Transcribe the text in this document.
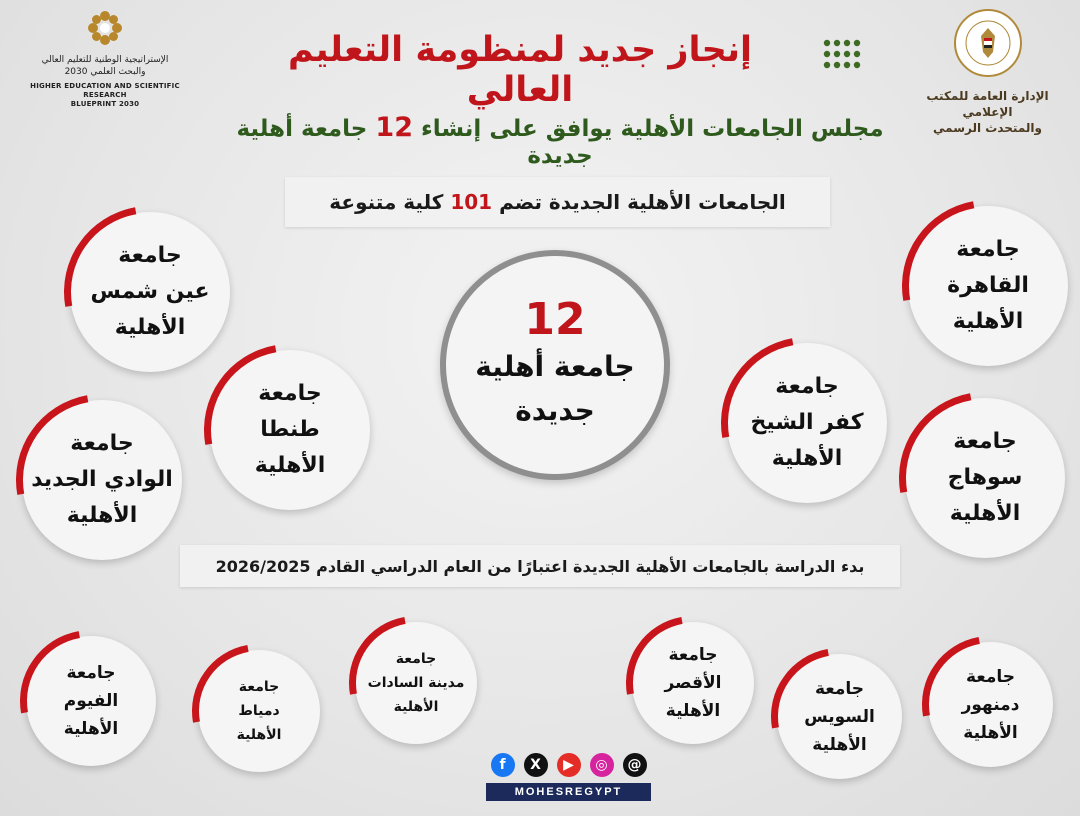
الإستراتيجية الوطنية للتعليم العالي
والبحث العلمي 2030
HIGHER EDUCATION AND SCIENTIFIC RESEARCH
BLUEPRINT 2030
الإدارة العامة للمكتب الإعلامي
والمتحدث الرسمي
إنجاز جديد لمنظومة التعليم العالي
مجلس الجامعات الأهلية يوافق على إنشاء 12 جامعة أهلية جديدة
الجامعات الأهلية الجديدة تضم 101 كلية متنوعة
12
جامعة أهلية
جديدة
جامعة
القاهرة
الأهلية
جامعة
عين شمس
الأهلية
جامعة
كفر الشيخ
الأهلية
جامعة
طنطا
الأهلية
جامعة
سوهاج
الأهلية
جامعة
الوادي الجديد
الأهلية
بدء الدراسة بالجامعات الأهلية الجديدة اعتبارًا من العام الدراسي القادم 2026/2025
جامعة
دمنهور
الأهلية
جامعة
السويس
الأهلية
جامعة
الأقصر
الأهلية
جامعة
مدينة السادات
الأهلية
جامعة
دمياط
الأهلية
جامعة
الفيوم
الأهلية
f	X	▶	◎	@
MOHESREGYPT
